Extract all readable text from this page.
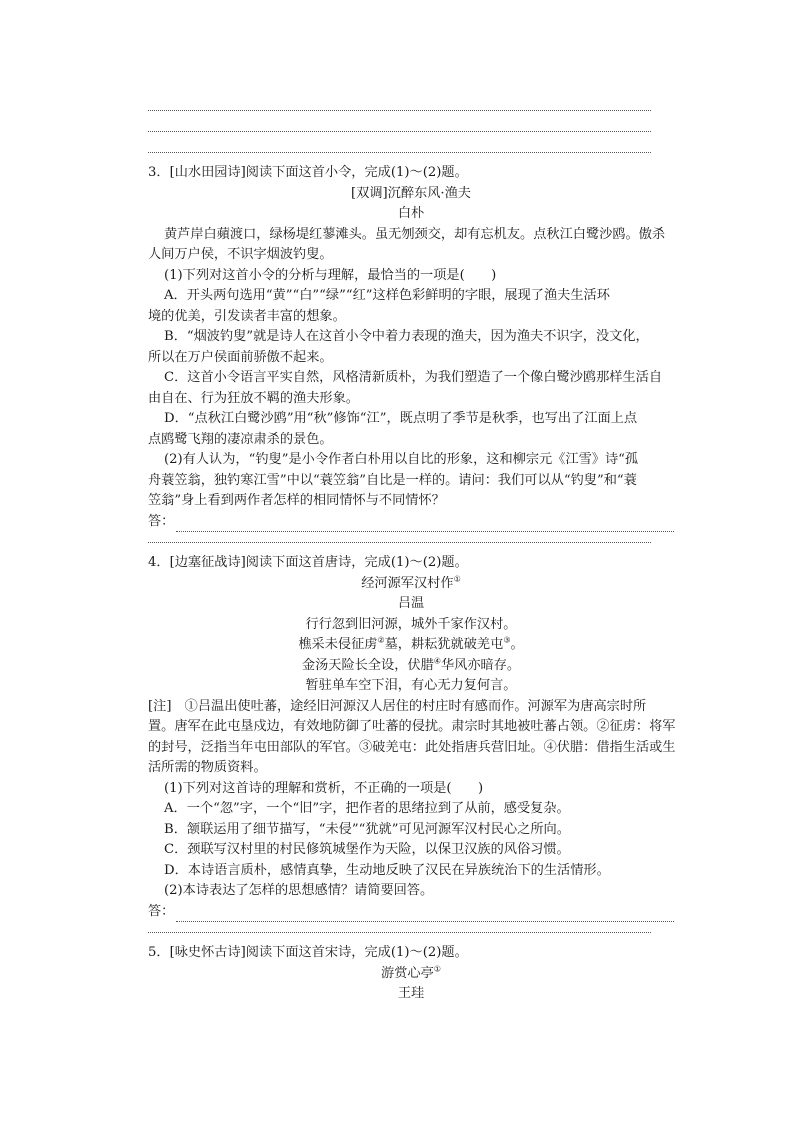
3．[山水田园诗]阅读下面这首小令，完成(1)～(2)题。
[双调]沉醉东风·渔夫
白朴
黄芦岸白蘋渡口，绿杨堤红蓼滩头。虽无刎颈交，却有忘机友。点秋江白鹭沙鸥。傲杀
人间万户侯，不识字烟波钓叟。
(1)下列对这首小令的分析与理解，最恰当的一项是(　　)
A．开头两句选用“黄”“白”“绿”“红”这样色彩鲜明的字眼，展现了渔夫生活环
境的优美，引发读者丰富的想象。
B．“烟波钓叟”就是诗人在这首小令中着力表现的渔夫，因为渔夫不识字，没文化，
所以在万户侯面前骄傲不起来。
C．这首小令语言平实自然，风格清新质朴，为我们塑造了一个像白鹭沙鸥那样生活自
由自在、行为狂放不羁的渔夫形象。
D．“点秋江白鹭沙鸥”用“秋”修饰“江”，既点明了季节是秋季，也写出了江面上点
点鸥鹭飞翔的凄凉肃杀的景色。
(2)有人认为，“钓叟”是小令作者白朴用以自比的形象，这和柳宗元《江雪》诗“孤
舟蓑笠翁，独钓寒江雪”中以“蓑笠翁”自比是一样的。请问：我们可以从“钓叟”和“蓑
笠翁”身上看到两作者怎样的相同情怀与不同情怀？
答：
4．[边塞征战诗]阅读下面这首唐诗，完成(1)～(2)题。
经河源军汉村作①
吕温
行行忽到旧河源，城外千家作汉村。
樵采未侵征虏②墓，耕耘犹就破羌屯③。
金汤天险长全设，伏腊④华风亦暗存。
暂驻单车空下泪，有心无力复何言。
[注]　①吕温出使吐蕃，途经旧河源汉人居住的村庄时有感而作。河源军为唐高宗时所
置。唐军在此屯垦戍边，有效地防御了吐蕃的侵扰。肃宗时其地被吐蕃占领。②征虏：将军
的封号，泛指当年屯田部队的军官。③破羌屯：此处指唐兵营旧址。④伏腊：借指生活或生
活所需的物质资料。
(1)下列对这首诗的理解和赏析，不正确的一项是(　　)
A．一个“忽”字，一个“旧”字，把作者的思绪拉到了从前，感受复杂。
B．颔联运用了细节描写，“未侵”“犹就”可见河源军汉村民心之所向。
C．颈联写汉村里的村民修筑城堡作为天险，以保卫汉族的风俗习惯。
D．本诗语言质朴，感情真挚，生动地反映了汉民在异族统治下的生活情形。
(2)本诗表达了怎样的思想感情？请简要回答。
答：
5．[咏史怀古诗]阅读下面这首宋诗，完成(1)～(2)题。
游赏心亭①
王珪
